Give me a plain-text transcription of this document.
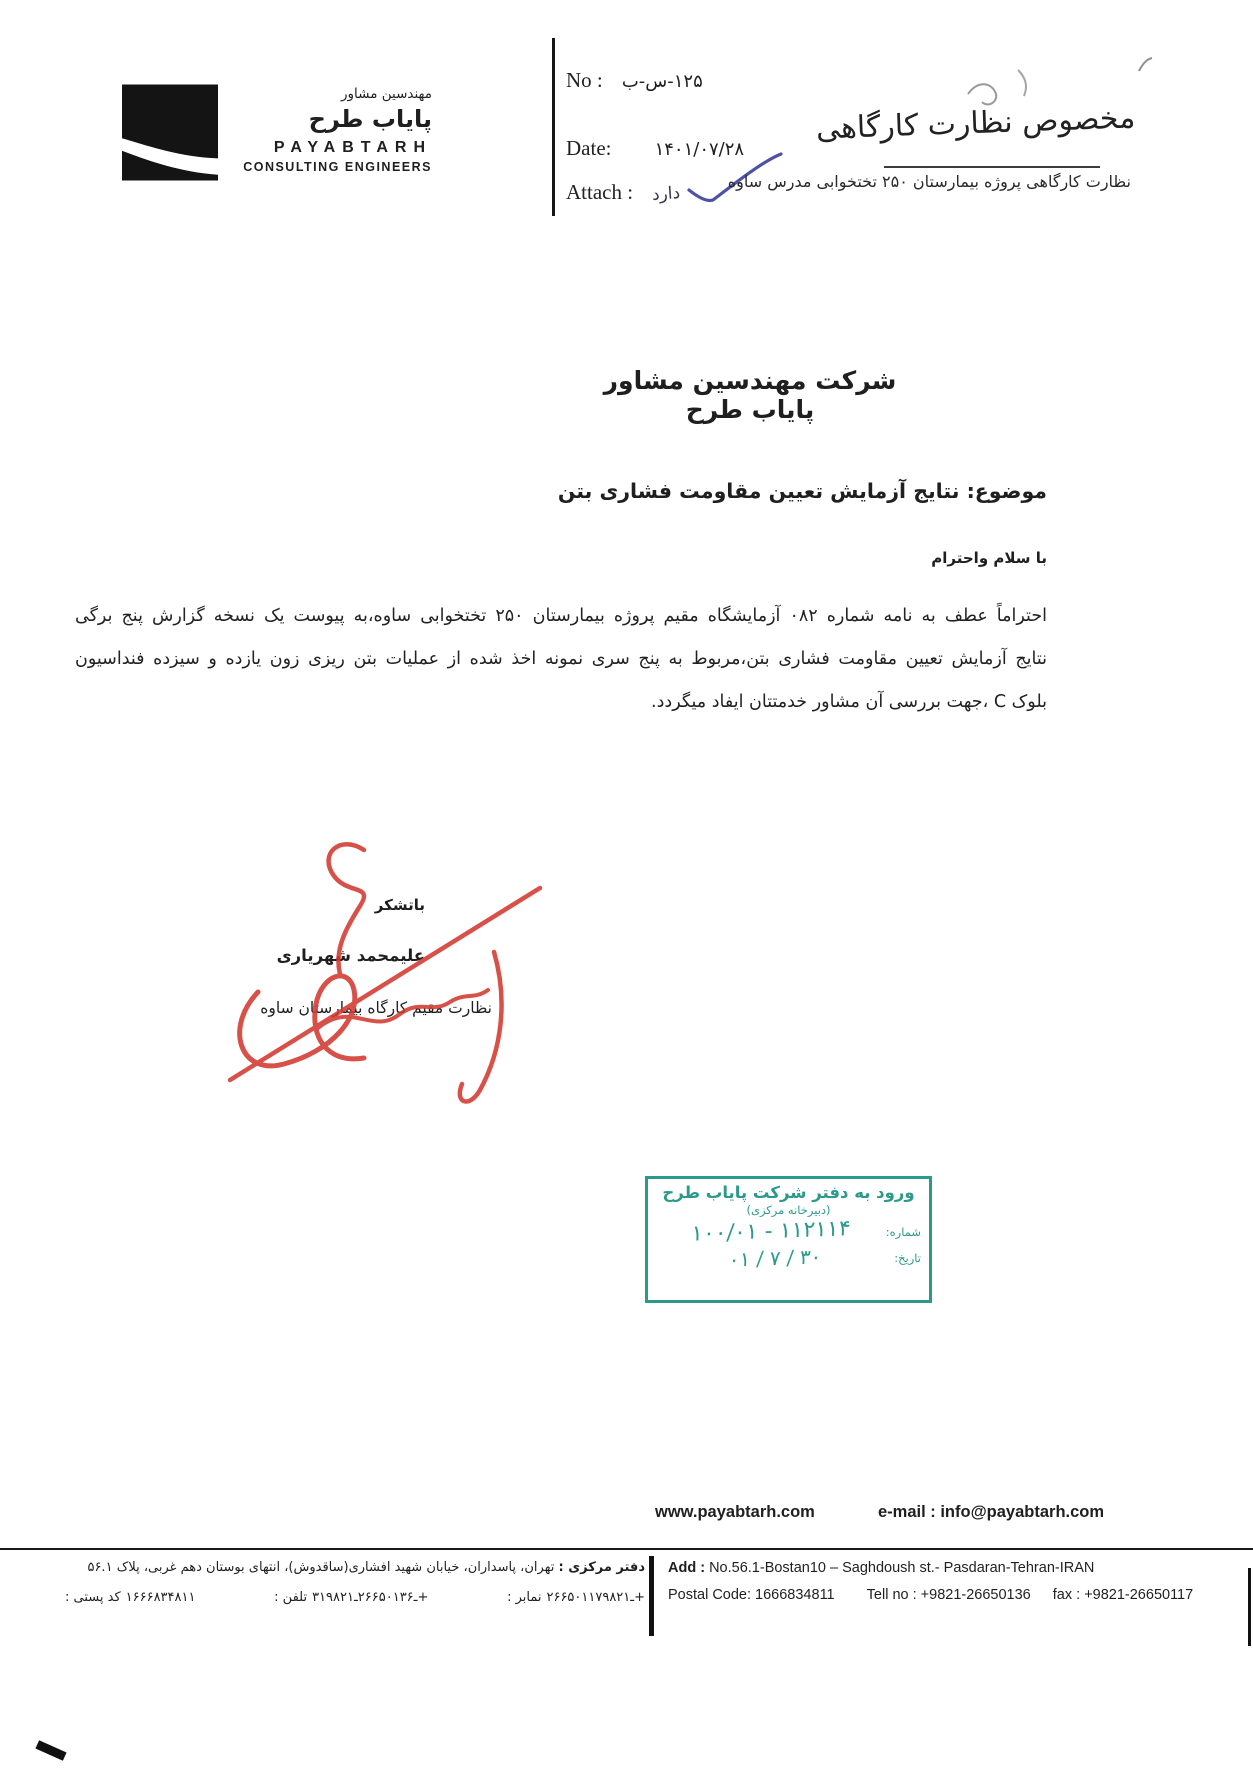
مهندسین مشاور
پایاب طرح
PAYABTARH
CONSULTING ENGINEERS
No : ۱۲۵-س-ب
Date: ۱۴۰۱/۰۷/۲۸
Attach : دارد
مخصوص نظارت کارگاهی
نظارت کارگاهی پروژه بیمارستان ۲۵۰ تختخوابی مدرس ساوه
شرکت مهندسین مشاور پایاب طرح
موضوع: نتایج آزمایش تعیین مقاومت فشاری بتن
با سلام واحترام
احتراماً عطف به نامه شماره ۰۸۲ آزمایشگاه مقیم پروژه بیمارستان ۲۵۰ تختخوابی ساوه،به پیوست یک نسخه گزارش پنج برگی
نتایج آزمایش تعیین مقاومت فشاری بتن،مربوط به پنج سری نمونه اخذ شده از عملیات بتن ریزی زون یازده و سیزده فنداسیون
بلوک C ،جهت بررسی آن مشاور خدمتتان ایفاد میگردد.
باتشکر
علیمحمد شهریاری
نظارت مقیم کارگاه بیمارستان ساوه
ورود به دفتر شرکت پایاب طرح
(دبیرخانه مرکزی)
شماره:
۱۰۰/۰۱ - ۱۱۲۱۱۴
تاریخ:
۰۱ / ۷ / ۳۰
www.payabtarh.com	e-mail : info@payabtarh.com
دفتر مرکزی : تهران، پاسداران، خیابان شهید افشاری(ساقدوش)، انتهای بوستان دهم غربی، پلاک ۵۶.۱
کد پستی : ۱۶۶۶۸۳۴۸۱۱	تلفن : ۳۱ـ۲۶۶۵۰۱۳۶ـ۹۸۲۱+	نمابر : ۲۶۶۵۰۱۱۷ـ۹۸۲۱+
Add : No.56.1-Bostan10 – Saghdoush st.- Pasdaran-Tehran-IRAN
Postal Code: 1666834811 Tell no : +9821-26650136 fax : +9821-26650117
